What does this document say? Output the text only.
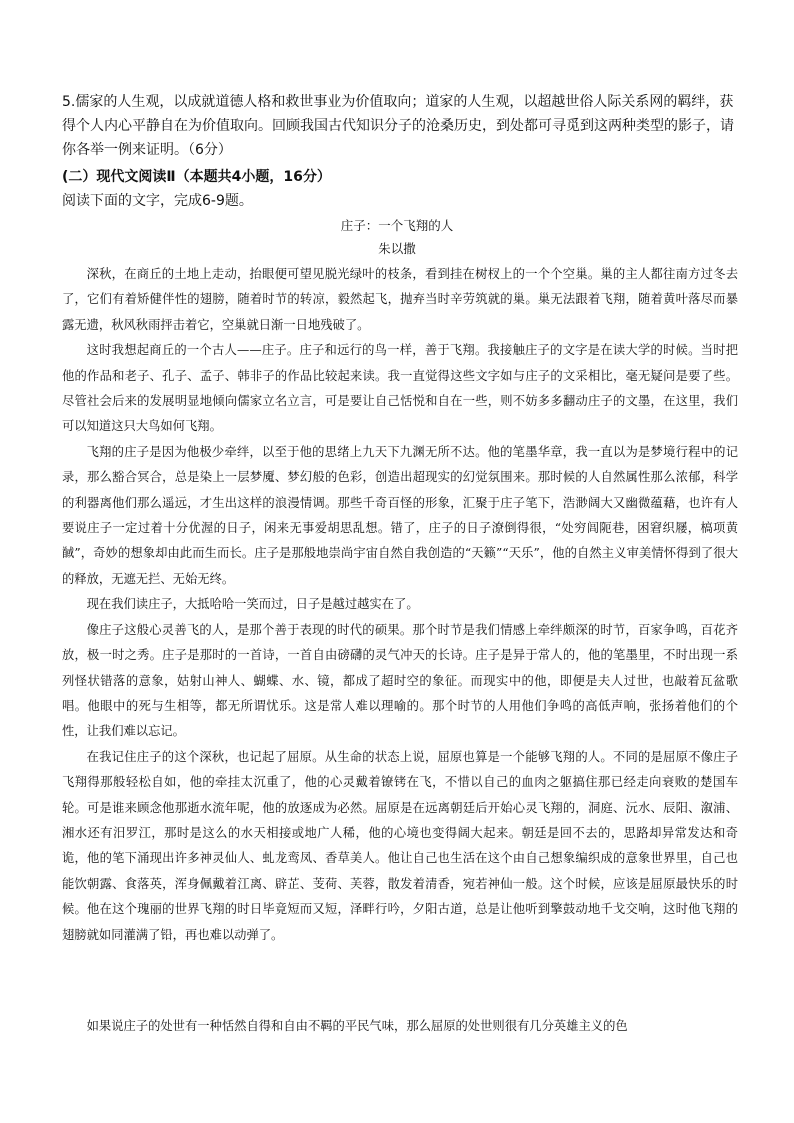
5.儒家的人生观，以成就道德人格和救世事业为价值取向；道家的人生观，以超越世俗人际关系网的羁绊，获得个人内心平静自在为价值取向。回顾我国古代知识分子的沧桑历史，到处都可寻觅到这两种类型的影子，请你各举一例来证明。（6分）

(二）现代文阅读Ⅱ（本题共4小题，16分）

阅读下面的文字，完成6-9题。

庄子：一个飞翔的人

朱以撒

深秋，在商丘的土地上走动，抬眼便可望见脱光绿叶的枝条，看到挂在树杈上的一个个空巢。巢的主人都往南方过冬去了，它们有着矫健伴性的翅膀，随着时节的转凉，毅然起飞，抛弃当时辛劳筑就的巢。巢无法跟着飞翔，随着黄叶落尽而暴露无遗，秋风秋雨抨击着它，空巢就日渐一日地残破了。

这时我想起商丘的一个古人——庄子。庄子和远行的鸟一样，善于飞翔。我接触庄子的文字是在读大学的时候。当时把他的作品和老子、孔子、孟子、韩非子的作品比较起来读。我一直觉得这些文字如与庄子的文采相比，毫无疑问是要了些。尽管社会后来的发展明显地倾向儒家立名立言，可是要让自己恬悦和自在一些，则不妨多多翻动庄子的文墨，在这里，我们可以知道这只大鸟如何飞翔。

飞翔的庄子是因为他极少牵绊，以至于他的思绪上九天下九渊无所不达。他的笔墨华章，我一直以为是梦境行程中的记录，那么豁合冥合，总是染上一层梦魇、梦幻般的色彩，创造出超现实的幻觉氛围来。那时候的人自然属性那么浓郁，科学的利器离他们那么遥远，才生出这样的浪漫情调。那些千奇百怪的形象，汇聚于庄子笔下，浩渺阔大又幽微蕴藉，也许有人要说庄子一定过着十分优渥的日子，闲来无事爱胡思乱想。错了，庄子的日子潦倒得很，“处穷闾阨巷，困窘织屦，槁项黄馘”，奇妙的想象却由此而生而长。庄子是那般地崇尚宇宙自然自我创造的“天籁”“天乐”，他的自然主义审美情怀得到了很大的释放，无遮无拦、无始无终。

现在我们读庄子，大抵哈哈一笑而过，日子是越过越实在了。

像庄子这般心灵善飞的人，是那个善于表现的时代的硕果。那个时节是我们情感上牵绊颇深的时节，百家争鸣，百花齐放，极一时之秀。庄子是那时的一首诗，一首自由磅礴的灵气冲天的长诗。庄子是异于常人的，他的笔墨里，不时出现一系列怪状错落的意象，姑射山神人、蝴蝶、水、镜，都成了超时空的象征。而现实中的他，即便是夫人过世，也敲着瓦盆歌唱。他眼中的死与生相等，都无所谓忧乐。这是常人难以理喻的。那个时节的人用他们争鸣的高低声响，张扬着他们的个性，让我们难以忘记。

在我记住庄子的这个深秋，也记起了屈原。从生命的状态上说，屈原也算是一个能够飞翔的人。不同的是屈原不像庄子飞翔得那般轻松自如，他的牵挂太沉重了，他的心灵戴着镣铐在飞，不惜以自己的血肉之躯搞住那已经走向衰败的楚国车轮。可是谁来顾念他那逝水流年呢，他的放逐成为必然。屈原是在远离朝廷后开始心灵飞翔的，洞庭、沅水、辰阳、溆浦、湘水还有汨罗江，那时是这么的水天相接或地广人稀，他的心境也变得阔大起来。朝廷是回不去的，思路却异常发达和奇诡，他的笔下涌现出许多神灵仙人、虬龙鸾凤、香草美人。他让自己也生活在这个由自己想象编织成的意象世界里，自己也能饮朝露、食落英，浑身佩戴着江离、辟芷、芰荷、芙蓉，散发着清香，宛若神仙一般。这个时候，应该是屈原最快乐的时候。他在这个瑰丽的世界飞翔的时日毕竟短而又短，泽畔行吟，夕阳古道，总是让他听到擎鼓动地千戈交响，这时他飞翔的翅膀就如同灌满了铅，再也难以动弹了。

如果说庄子的处世有一种恬然自得和自由不羁的平民气味，那么屈原的处世则很有几分英雄主义的色
